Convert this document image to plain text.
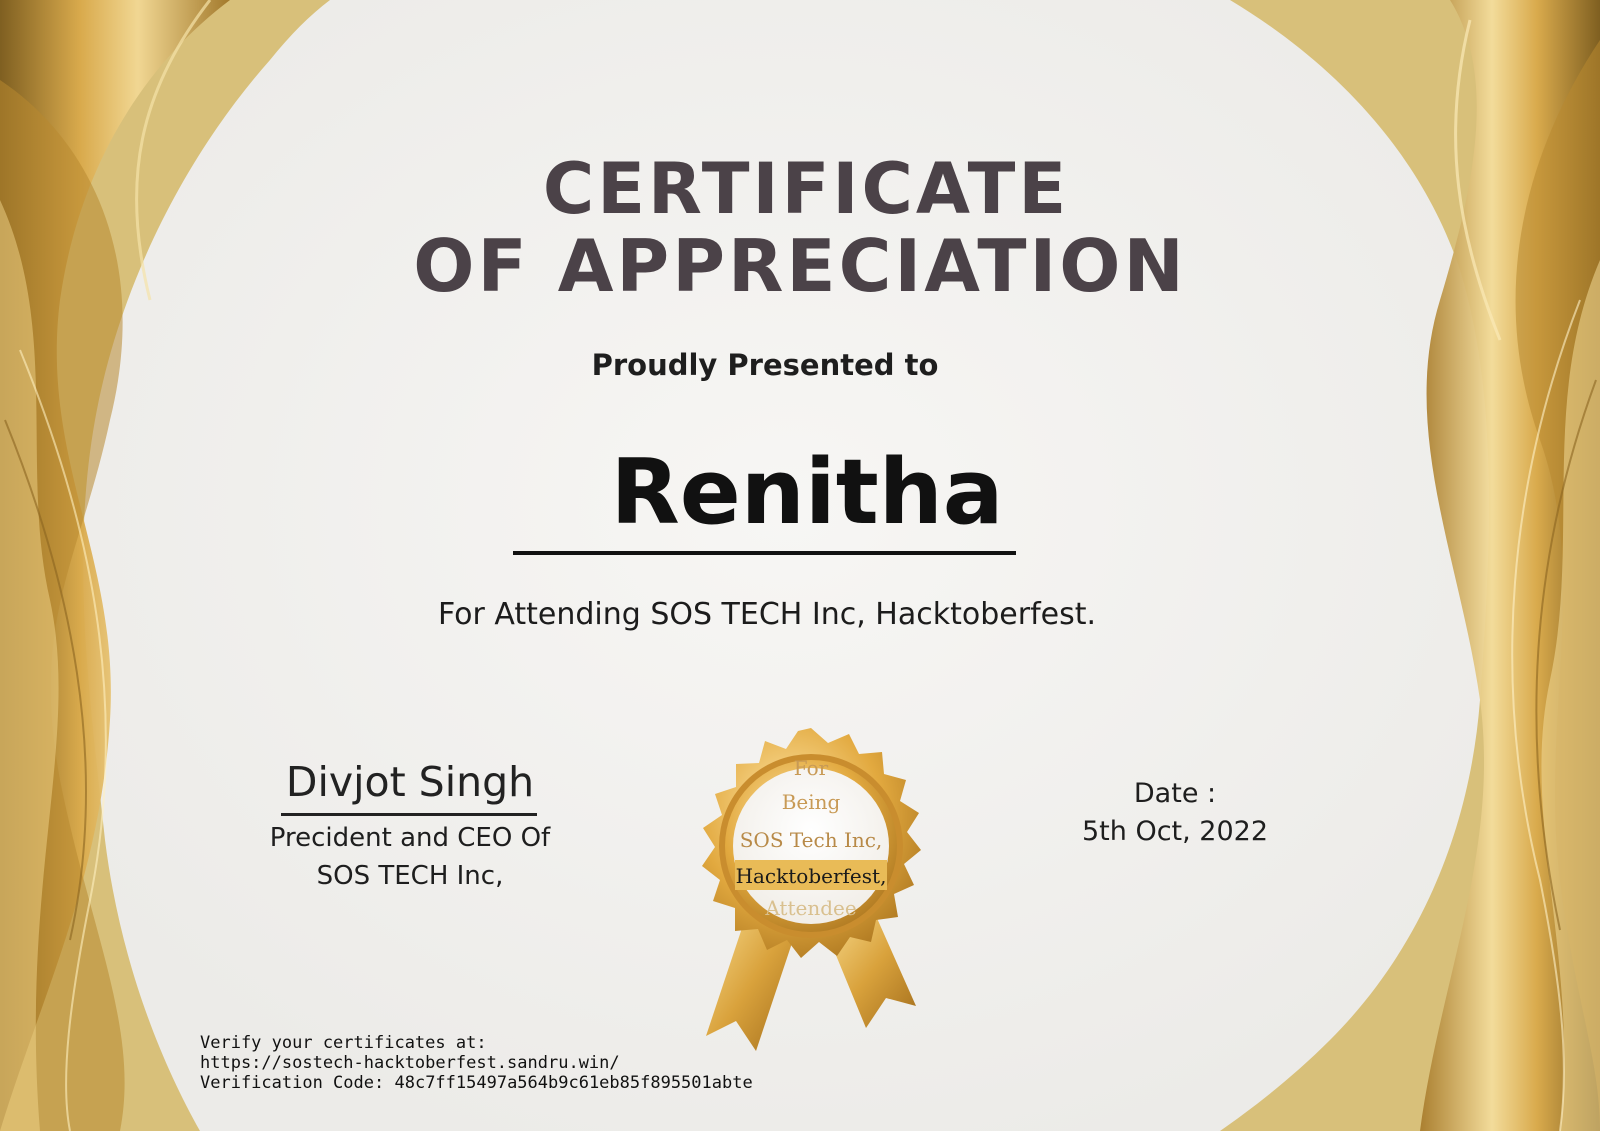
CERTIFICATE
OF APPRECIATION
Proudly Presented to
Renitha
For Attending SOS TECH Inc, Hacktoberfest.
Divjot Singh
Precident and CEO Of
SOS TECH Inc,
Date :
5th Oct, 2022
For
Being
SOS Tech Inc,
Hacktoberfest,
Attendee
Verify your certificates at:
https://sostech-hacktoberfest.sandru.win/
Verification Code: 48c7ff15497a564b9c61eb85f895501abte
